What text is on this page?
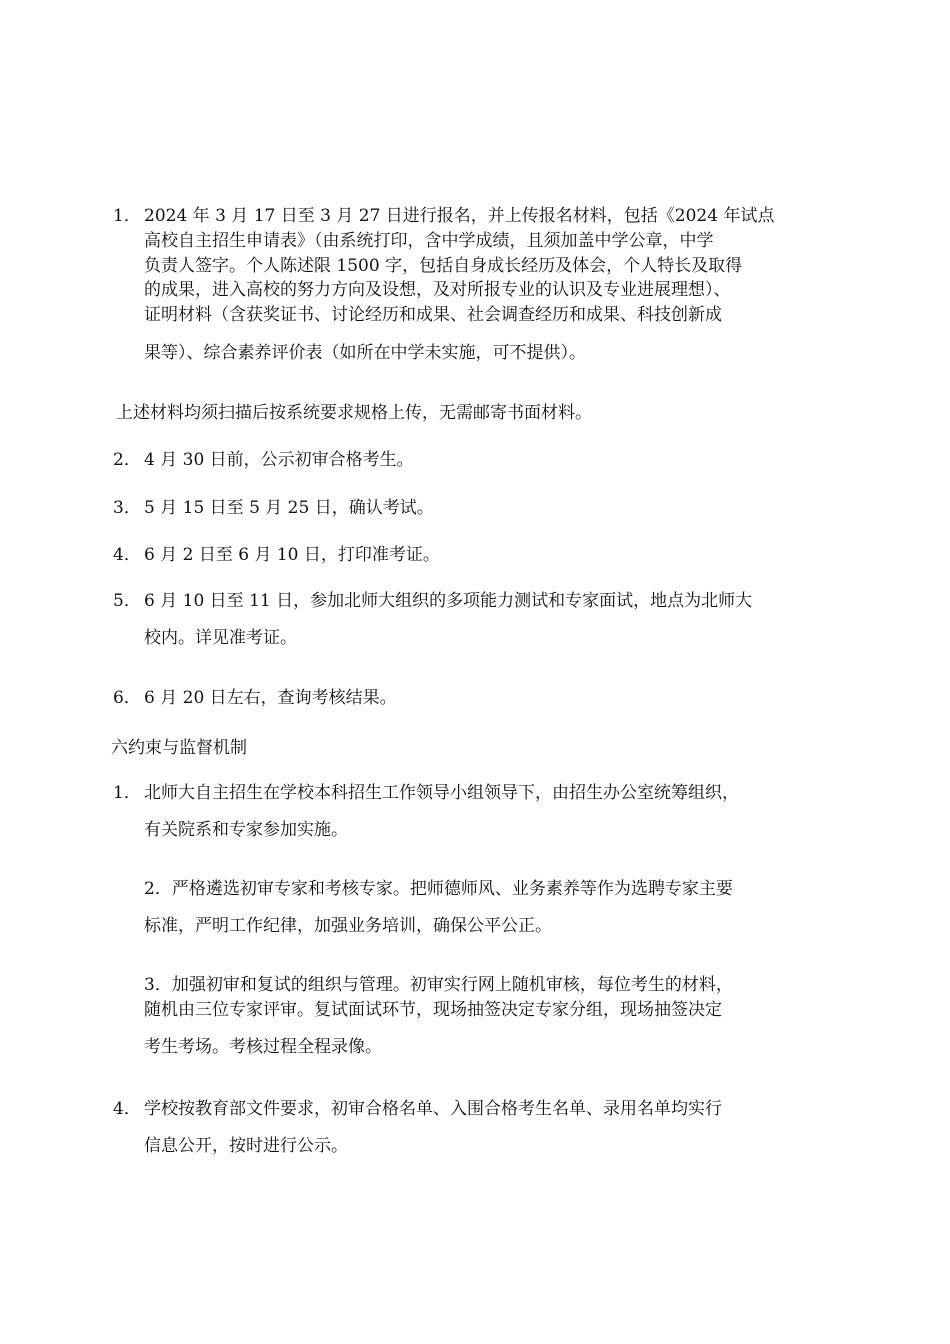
1． 2024 年 3 月 17 日至 3 月 27 日进行报名，并上传报名材料，包括《2024 年试点
高校自主招生申请表》（由系统打印，含中学成绩，且须加盖中学公章，中学
负责人签字。个人陈述限 1500 字，包括自身成长经历及体会，个人特长及取得
的成果，进入高校的努力方向及设想，及对所报专业的认识及专业进展理想）、
证明材料（含获奖证书、讨论经历和成果、社会调查经历和成果、科技创新成
果等）、综合素养评价表（如所在中学未实施，可不提供）。
上述材料均须扫描后按系统要求规格上传，无需邮寄书面材料。
2． 4 月 30 日前，公示初审合格考生。
3． 5 月 15 日至 5 月 25 日，确认考试。
4． 6 月 2 日至 6 月 10 日，打印准考证。
5． 6 月 10 日至 11 日，参加北师大组织的多项能力测试和专家面试，地点为北师大
校内。详见准考证。
6． 6 月 20 日左右，查询考核结果。
六约束与监督机制
1． 北师大自主招生在学校本科招生工作领导小组领导下，由招生办公室统筹组织，
有关院系和专家参加实施。
2．严格遴选初审专家和考核专家。把师德师风、业务素养等作为选聘专家主要
标准，严明工作纪律，加强业务培训，确保公平公正。
3．加强初审和复试的组织与管理。初审实行网上随机审核，每位考生的材料，
随机由三位专家评审。复试面试环节，现场抽签决定专家分组，现场抽签决定
考生考场。考核过程全程录像。
4． 学校按教育部文件要求，初审合格名单、入围合格考生名单、录用名单均实行
信息公开，按时进行公示。
